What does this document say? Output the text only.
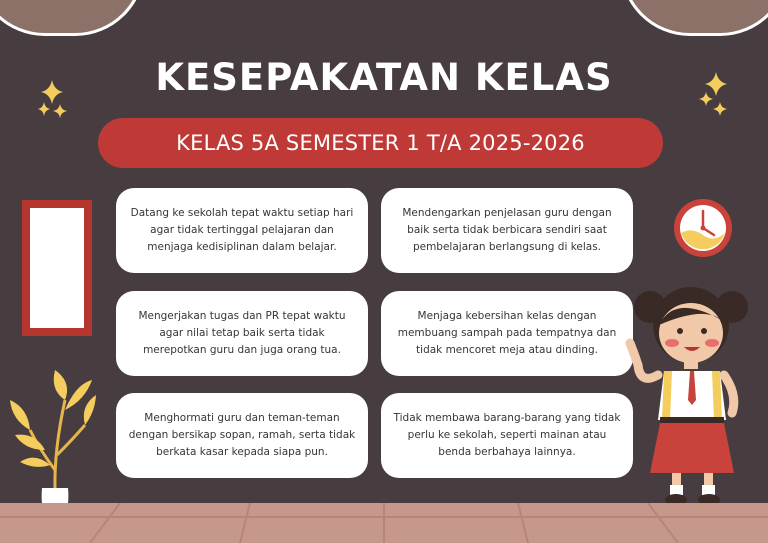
KESEPAKATAN KELAS
KELAS 5A SEMESTER 1 T/A 2025-2026

Datang ke sekolah tepat waktu setiap hari agar tidak tertinggal pelajaran dan menjaga kedisiplinan dalam belajar.

Mendengarkan penjelasan guru dengan baik serta tidak berbicara sendiri saat pembelajaran berlangsung di kelas.

Mengerjakan tugas dan PR tepat waktu agar nilai tetap baik serta tidak merepotkan guru dan juga orang tua.

Menjaga kebersihan kelas dengan membuang sampah pada tempatnya dan tidak mencoret meja atau dinding.

Menghormati guru dan teman-teman dengan bersikap sopan, ramah, serta tidak berkata kasar kepada siapa pun.

Tidak membawa barang-barang yang tidak perlu ke sekolah, seperti mainan atau benda berbahaya lainnya.
